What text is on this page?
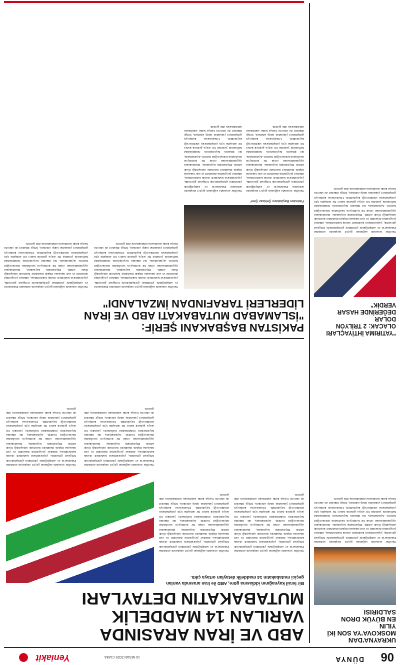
06
DÜNYA
10 NİSAN 2025 CUMA
Yeniakit
UKRAYNA'DAN
MOSKOVA'YA SON İKİ YILIN
EN BÜYÜK DRON SALDIRISI
Taraflar arasında sağlanan geçici ateşkesin ardından Pakistan'ın ev sahipliğinde yürütülen görüşmelerde bölgesel güvenlik, yaptırımların kademeli olarak kaldırılması, nükleer programın denetimi ve esir takasına ilişkin maddeler üzerinde uzlaşıldığı ifade edildi. Diplomatik kaynaklar, mutabakatın uygulanmasının ortak bir komisyon tarafından izleneceğini belirtti. Açıklamada, iki ülkenin heyetlerinin önümüzdeki haftalarda yeniden bir araya gelerek kalıcı bir anlaşma için çalışmalarını sürdüreceği kaydedildi. Uluslararası kamuoyu gelişmeleri yakından takip ederken, bölge ülkeleri de sürecin barışa katkı sunmasını umduklarını dile getirdi.
"YATIRIMA İHTİYAÇLARI
OLACAK: 2 TRİLYON DOLAR
DEĞERİNDE HASAR VERDİK"
Taraflar arasında sağlanan geçici ateşkesin ardından Pakistan'ın ev sahipliğinde yürütülen görüşmelerde bölgesel güvenlik, yaptırımların kademeli olarak kaldırılması, nükleer programın denetimi ve esir takasına ilişkin maddeler üzerinde uzlaşıldığı ifade edildi. Diplomatik kaynaklar, mutabakatın uygulanmasının ortak bir komisyon tarafından izleneceğini belirtti. Açıklamada, iki ülkenin heyetlerinin önümüzdeki haftalarda yeniden bir araya gelerek kalıcı bir anlaşma için çalışmalarını sürdüreceği kaydedildi. Uluslararası kamuoyu gelişmeleri yakından takip ederken, bölge ülkeleri de sürecin barışa katkı sunmasını umduklarını dile getirdi.
ABD VE İRAN ARASINDA
VARILAN 14 MADDELİK
MUTABAKATIN DETAYLARI
Bir İsrail kaynağının iddiasına göre, ABD ile İran arasında varılan geçici mutabakatın 14 maddelik detayları ortaya çıktı.
Taraflar arasında sağlanan geçici ateşkesin ardından Pakistan'ın ev sahipliğinde yürütülen görüşmelerde bölgesel güvenlik, yaptırımların kademeli olarak kaldırılması, nükleer programın denetimi ve esir takasına ilişkin maddeler üzerinde uzlaşıldığı ifade edildi. Diplomatik kaynaklar, mutabakatın uygulanmasının ortak bir komisyon tarafından izleneceğini belirtti. Açıklamada, iki ülkenin heyetlerinin önümüzdeki haftalarda yeniden bir araya gelerek kalıcı bir anlaşma için çalışmalarını sürdüreceği kaydedildi. Uluslararası kamuoyu gelişmeleri yakından takip ederken, bölge ülkeleri de sürecin barışa katkı sunmasını umduklarını dile getirdi.
Taraflar arasında sağlanan geçici ateşkesin ardından Pakistan'ın ev sahipliğinde yürütülen görüşmelerde bölgesel güvenlik, yaptırımların kademeli olarak kaldırılması, nükleer programın denetimi ve esir takasına ilişkin maddeler üzerinde uzlaşıldığı ifade edildi. Diplomatik kaynaklar, mutabakatın uygulanmasının ortak bir komisyon tarafından izleneceğini belirtti. Açıklamada, iki ülkenin heyetlerinin önümüzdeki haftalarda yeniden bir araya gelerek kalıcı bir anlaşma için çalışmalarını sürdüreceği kaydedildi. Uluslararası kamuoyu gelişmeleri yakından takip ederken, bölge ülkeleri de sürecin barışa katkı sunmasını umduklarını dile getirdi.
Taraflar arasında sağlanan geçici ateşkesin ardından Pakistan'ın ev sahipliğinde yürütülen görüşmelerde bölgesel güvenlik, yaptırımların kademeli olarak kaldırılması, nükleer programın denetimi ve esir takasına ilişkin maddeler üzerinde uzlaşıldığı ifade edildi. Diplomatik kaynaklar, mutabakatın uygulanmasının ortak bir komisyon tarafından izleneceğini belirtti. Açıklamada, iki ülkenin heyetlerinin önümüzdeki haftalarda yeniden bir araya gelerek kalıcı bir anlaşma için çalışmalarını sürdüreceği kaydedildi. Uluslararası kamuoyu gelişmeleri yakından takip ederken, bölge ülkeleri de sürecin barışa katkı sunmasını umduklarını dile getirdi.
Taraflar arasında sağlanan geçici ateşkesin ardından Pakistan'ın ev sahipliğinde yürütülen görüşmelerde bölgesel güvenlik, yaptırımların kademeli olarak kaldırılması, nükleer programın denetimi ve esir takasına ilişkin maddeler üzerinde uzlaşıldığı ifade edildi. Diplomatik kaynaklar, mutabakatın uygulanmasının ortak bir komisyon tarafından izleneceğini belirtti. Açıklamada, iki ülkenin heyetlerinin önümüzdeki haftalarda yeniden bir araya gelerek kalıcı bir anlaşma için çalışmalarını sürdüreceği kaydedildi. Uluslararası kamuoyu gelişmeleri yakından takip ederken, bölge ülkeleri de sürecin barışa katkı sunmasını umduklarını dile getirdi.
PAKİSTAN BAŞBAKANI ŞERİF:
"İSLAMABAD MUTABAKATI ABD VE İRAN
LİDERLERİ TARAFINDAN İMZALANDI"
Pakistan Başbakanı Şehbaz Şerif
Taraflar arasında sağlanan geçici ateşkesin ardından Pakistan'ın ev sahipliğinde yürütülen görüşmelerde bölgesel güvenlik, yaptırımların kademeli olarak kaldırılması, nükleer programın denetimi ve esir takasına ilişkin maddeler üzerinde uzlaşıldığı ifade edildi. Diplomatik kaynaklar, mutabakatın uygulanmasının ortak bir komisyon tarafından izleneceğini belirtti. Açıklamada, iki ülkenin heyetlerinin önümüzdeki haftalarda yeniden bir araya gelerek kalıcı bir anlaşma için çalışmalarını sürdüreceği kaydedildi. Uluslararası kamuoyu gelişmeleri yakından takip ederken, bölge ülkeleri de sürecin barışa katkı sunmasını umduklarını dile getirdi.
Taraflar arasında sağlanan geçici ateşkesin ardından Pakistan'ın ev sahipliğinde yürütülen görüşmelerde bölgesel güvenlik, yaptırımların kademeli olarak kaldırılması, nükleer programın denetimi ve esir takasına ilişkin maddeler üzerinde uzlaşıldığı ifade edildi. Diplomatik kaynaklar, mutabakatın uygulanmasının ortak bir komisyon tarafından izleneceğini belirtti. Açıklamada, iki ülkenin heyetlerinin önümüzdeki haftalarda yeniden bir araya gelerek kalıcı bir anlaşma için çalışmalarını sürdüreceği kaydedildi. Uluslararası kamuoyu gelişmeleri yakından takip ederken, bölge ülkeleri de sürecin barışa katkı sunmasını umduklarını dile getirdi.
Taraflar arasında sağlanan geçici ateşkesin ardından Pakistan'ın ev sahipliğinde yürütülen görüşmelerde bölgesel güvenlik, yaptırımların kademeli olarak kaldırılması, nükleer programın denetimi ve esir takasına ilişkin maddeler üzerinde uzlaşıldığı ifade edildi. Diplomatik kaynaklar, mutabakatın uygulanmasının ortak bir komisyon tarafından izleneceğini belirtti. Açıklamada, iki ülkenin heyetlerinin önümüzdeki haftalarda yeniden bir araya gelerek kalıcı bir anlaşma için çalışmalarını sürdüreceği kaydedildi. Uluslararası kamuoyu gelişmeleri yakından takip ederken, bölge ülkeleri de sürecin barışa katkı sunmasını umduklarını dile getirdi.
Taraflar arasında sağlanan geçici ateşkesin ardından Pakistan'ın ev sahipliğinde yürütülen görüşmelerde bölgesel güvenlik, yaptırımların kademeli olarak kaldırılması, nükleer programın denetimi ve esir takasına ilişkin maddeler üzerinde uzlaşıldığı ifade edildi. Diplomatik kaynaklar, mutabakatın uygulanmasının ortak bir komisyon tarafından izleneceğini belirtti. Açıklamada, iki ülkenin heyetlerinin önümüzdeki haftalarda yeniden bir araya gelerek kalıcı bir anlaşma için çalışmalarını sürdüreceği kaydedildi. Uluslararası kamuoyu gelişmeleri yakından takip ederken, bölge ülkeleri de sürecin barışa katkı sunmasını umduklarını dile getirdi.
